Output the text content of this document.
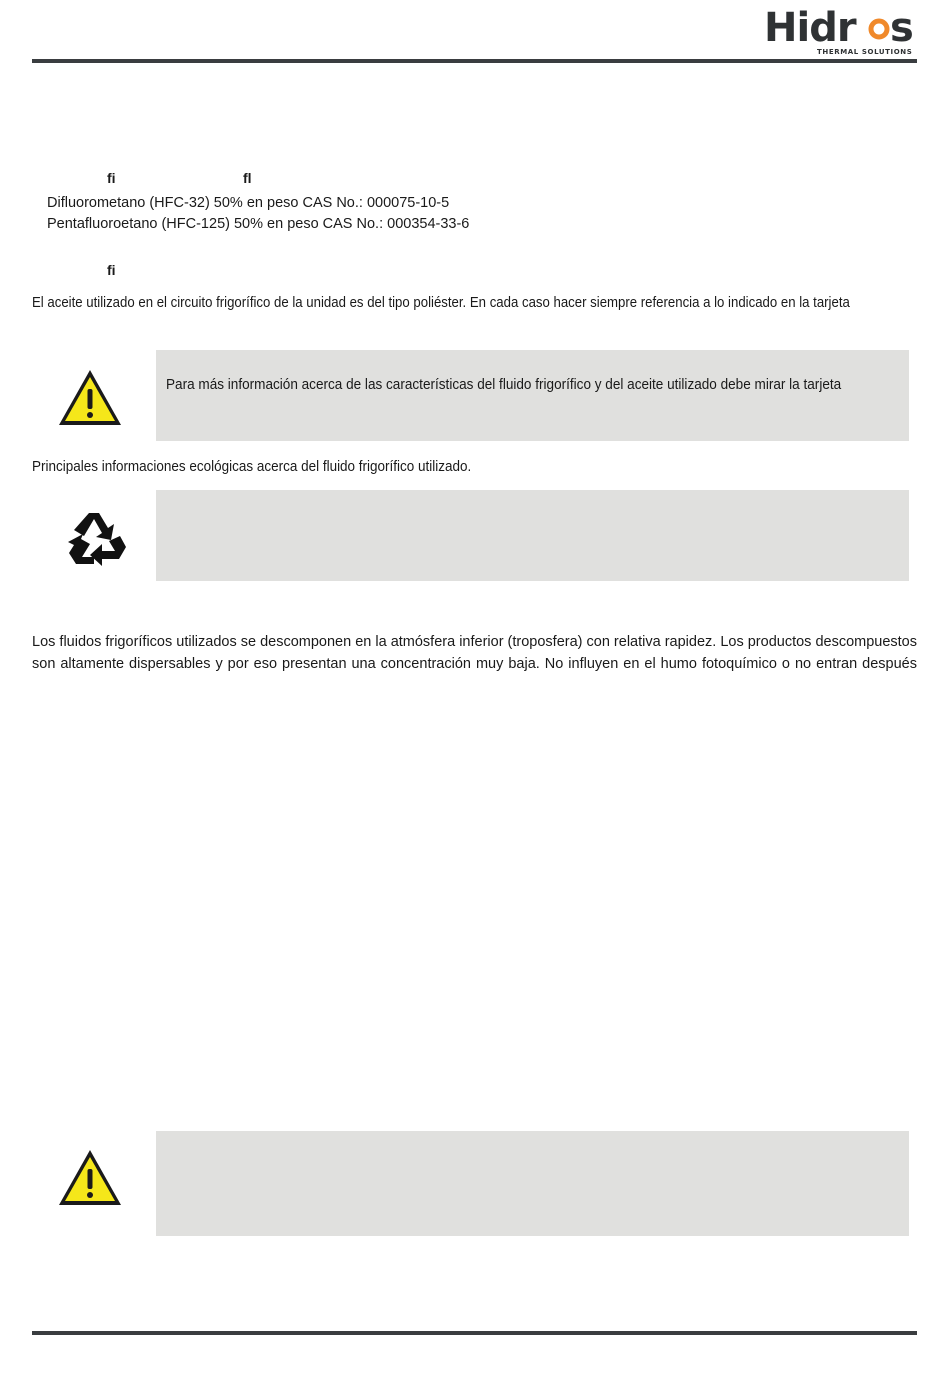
Hidr s
THERMAL SOLUTIONS
fi	fl
Difluorometano (HFC-32) 50% en peso CAS No.: 000075-10-5
Pentafluoroetano (HFC-125) 50% en peso CAS No.: 000354-33-6
fi
El aceite utilizado en el circuito frigorífico de la unidad es del tipo poliéster. En cada caso hacer siempre referencia a lo indicado en la tarjeta
Para más información acerca de las características del fluido frigorífico y del aceite utilizado debe mirar la tarjeta
Principales informaciones ecológicas acerca del fluido frigorífico utilizado.
Los fluidos frigoríficos utilizados se descomponen en la atmósfera inferior (troposfera) con relativa rapidez. Los productos descompuestos
son altamente dispersables y por eso presentan una concentración muy baja. No influyen en el humo fotoquímico o no entran después
